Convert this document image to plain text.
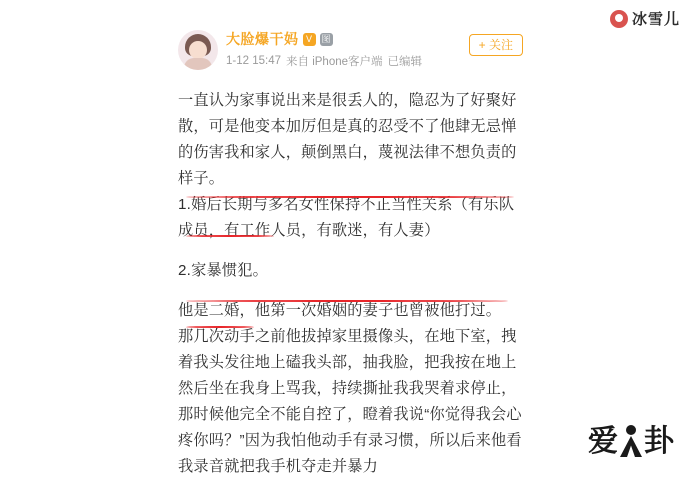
冰雪儿
爱 卦
大脸爆干妈 V	图
1-12 15:47 来自 iPhone客户端 已编辑
+ 关注

一直认为家事说出来是很丢人的，隐忍为了好聚好散，可是他变本加厉但是真的忍受不了他肆无忌惮的伤害我和家人，颠倒黑白，蔑视法律不想负责的样子。

1.婚后长期与多名女性保持不正当性关系（有乐队成员，有工作人员，有歌迷，有人妻）

2.家暴惯犯。

他是二婚，他第一次婚姻的妻子也曾被他打过。

那几次动手之前他拔掉家里摄像头，在地下室，拽着我头发往地上磕我头部，抽我脸，把我按在地上然后坐在我身上骂我，持续撕扯我我哭着求停止，那时候他完全不能自控了，瞪着我说“你觉得我会心疼你吗？”因为我怕他动手有录习惯，所以后来他看我录音就把我手机夺走并暴力
